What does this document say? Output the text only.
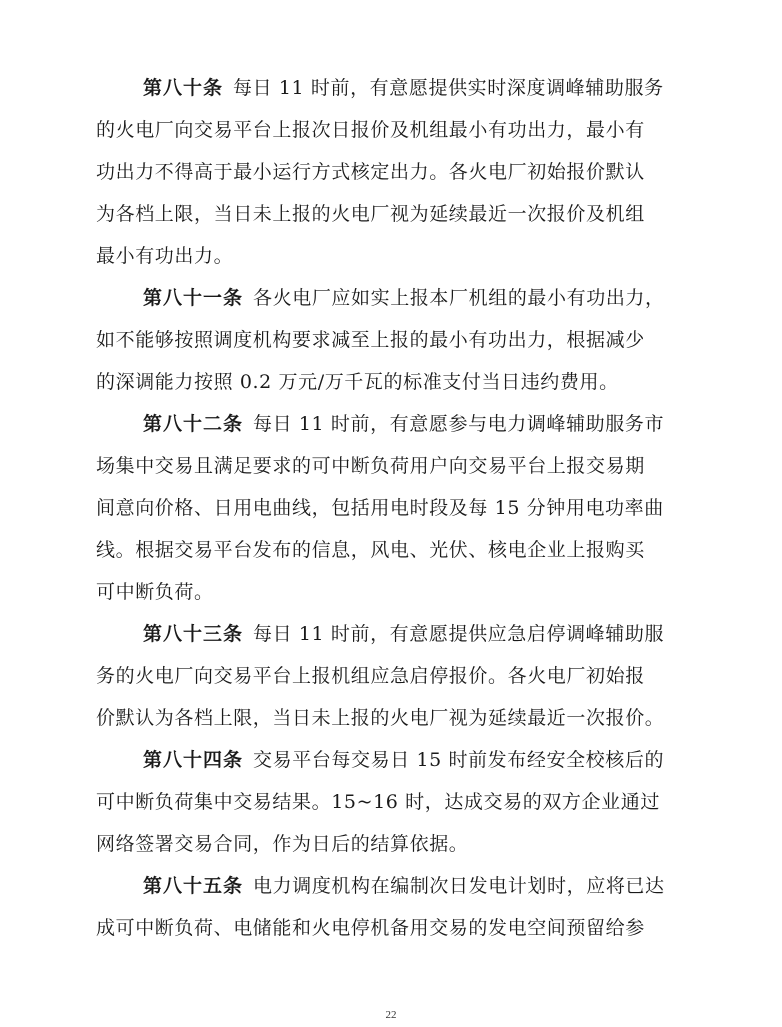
第八十条 每日 11 时前，有意愿提供实时深度调峰辅助服务
的火电厂向交易平台上报次日报价及机组最小有功出力，最小有
功出力不得高于最小运行方式核定出力。各火电厂初始报价默认
为各档上限，当日未上报的火电厂视为延续最近一次报价及机组
最小有功出力。
第八十一条 各火电厂应如实上报本厂机组的最小有功出力，
如不能够按照调度机构要求减至上报的最小有功出力，根据减少
的深调能力按照 0.2 万元/万千瓦的标准支付当日违约费用。
第八十二条 每日 11 时前，有意愿参与电力调峰辅助服务市
场集中交易且满足要求的可中断负荷用户向交易平台上报交易期
间意向价格、日用电曲线，包括用电时段及每 15 分钟用电功率曲
线。根据交易平台发布的信息，风电、光伏、核电企业上报购买
可中断负荷。
第八十三条 每日 11 时前，有意愿提供应急启停调峰辅助服
务的火电厂向交易平台上报机组应急启停报价。各火电厂初始报
价默认为各档上限，当日未上报的火电厂视为延续最近一次报价。
第八十四条 交易平台每交易日 15 时前发布经安全校核后的
可中断负荷集中交易结果。15~16 时，达成交易的双方企业通过
网络签署交易合同，作为日后的结算依据。
第八十五条 电力调度机构在编制次日发电计划时，应将已达
成可中断负荷、电储能和火电停机备用交易的发电空间预留给参
22
